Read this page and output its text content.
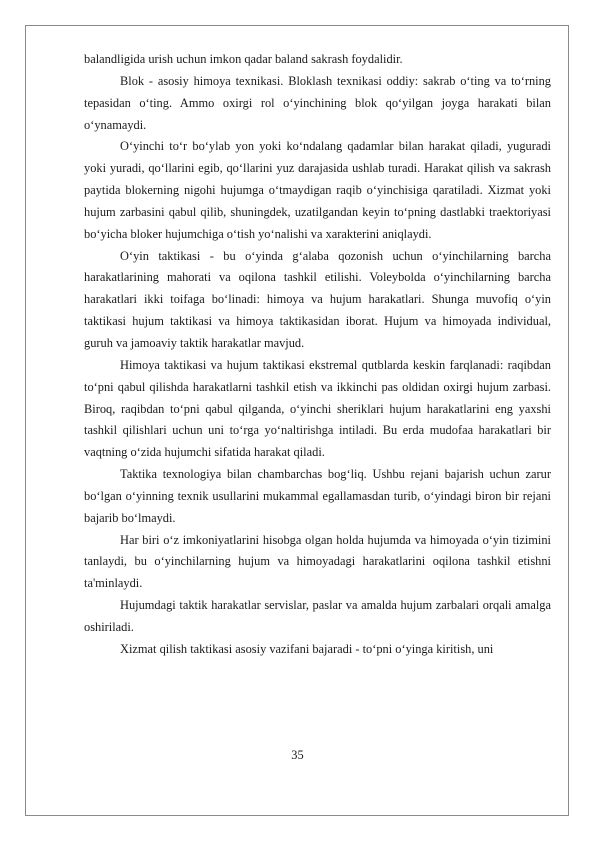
balandligida urish uchun imkon qadar baland sakrash foydalidir.

Blok - asosiy himoya texnikasi. Bloklash texnikasi oddiy: sakrab o‘ting va to‘rning tepasidan o‘ting. Ammo oxirgi rol o‘yinchining blok qo‘yilgan joyga harakati bilan o‘ynamaydi.

O‘yinchi to‘r bo‘ylab yon yoki ko‘ndalang qadamlar bilan harakat qiladi, yuguradi yoki yuradi, qo‘llarini egib, qo‘llarini yuz darajasida ushlab turadi. Harakat qilish va sakrash paytida blokerning nigohi hujumga o‘tmaydigan raqib o‘yinchisiga qaratiladi. Xizmat yoki hujum zarbasini qabul qilib, shuningdek, uzatilgandan keyin to‘pning dastlabki traektoriyasi bo‘yicha bloker hujumchiga o‘tish yo‘nalishi va xarakterini aniqlaydi.

O‘yin taktikasi - bu o‘yinda g‘alaba qozonish uchun o‘yinchilarning barcha harakatlarining mahorati va oqilona tashkil etilishi. Voleybolda o‘yinchilarning barcha harakatlari ikki toifaga bo‘linadi: himoya va hujum harakatlari. Shunga muvofiq o‘yin taktikasi hujum taktikasi va himoya taktikasidan iborat. Hujum va himoyada individual, guruh va jamoaviy taktik harakatlar mavjud.

Himoya taktikasi va hujum taktikasi ekstremal qutblarda keskin farqlanadi: raqibdan to‘pni qabul qilishda harakatlarni tashkil etish va ikkinchi pas oldidan oxirgi hujum zarbasi. Biroq, raqibdan to‘pni qabul qilganda, o‘yinchi sheriklari hujum harakatlarini eng yaxshi tashkil qilishlari uchun uni to‘rga yo‘naltirishga intiladi. Bu erda mudofaa harakatlari bir vaqtning o‘zida hujumchi sifatida harakat qiladi.

Taktika texnologiya bilan chambarchas bog‘liq. Ushbu rejani bajarish uchun zarur bo‘lgan o‘yinning texnik usullarini mukammal egallamasdan turib, o‘yindagi biron bir rejani bajarib bo‘lmaydi.

Har biri o‘z imkoniyatlarini hisobga olgan holda hujumda va himoyada o‘yin tizimini tanlaydi, bu o‘yinchilarning hujum va himoyadagi harakatlarini oqilona tashkil etishni ta'minlaydi.

Hujumdagi taktik harakatlar servislar, paslar va amalda hujum zarbalari orqali amalga oshiriladi.

Xizmat qilish taktikasi asosiy vazifani bajaradi - to‘pni o‘yinga kiritish, uni

35
